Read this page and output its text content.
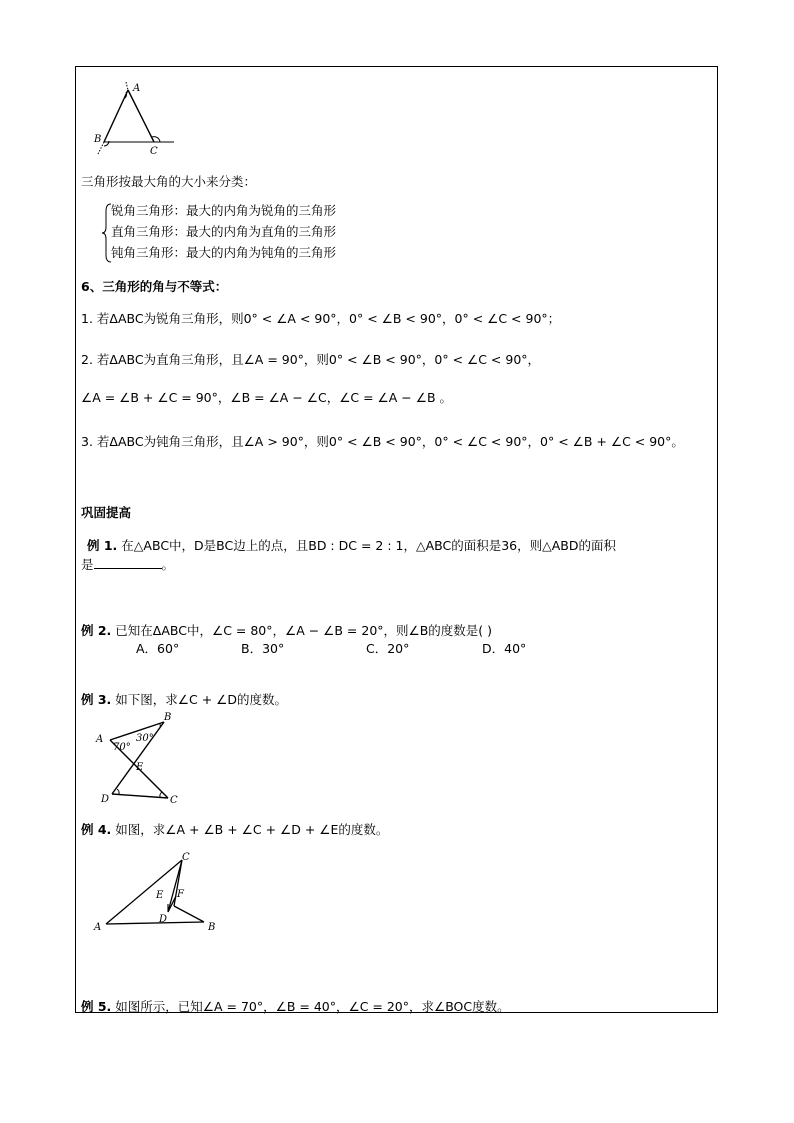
A
B
C
三角形按最大角的大小来分类：
锐角三角形：最大的内角为锐角的三角形
直角三角形：最大的内角为直角的三角形
钝角三角形：最大的内角为钝角的三角形
6、三角形的角与不等式：
1. 若ΔABC为锐角三角形，则0° < ∠A < 90°，0° < ∠B < 90°，0° < ∠C < 90°；
2. 若ΔABC为直角三角形，且∠A = 90°，则0° < ∠B < 90°，0° < ∠C < 90°，
∠A = ∠B + ∠C = 90°，∠B = ∠A − ∠C，∠C = ∠A − ∠B 。
3. 若ΔABC为钝角三角形，且∠A > 90°，则0° < ∠B < 90°，0° < ∠C < 90°，0° < ∠B + ∠C < 90°。
巩固提高
例 1. 在△ABC中，D是BC边上的点，且BD : DC = 2 : 1，△ABC的面积是36，则△ABD的面积
是	。
例 2. 已知在ΔABC中，∠C = 80°，∠A − ∠B = 20°，则∠B的度数是( )
A．60°	B．30°	C．20°	D．40°
例 3. 如下图，求∠C + ∠D的度数。
A
B
C
D
E
70°
30°
例 4. 如图，求∠A + ∠B + ∠C + ∠D + ∠E的度数。
A	B
C
D
E F
例 5. 如图所示，已知∠A = 70°，∠B = 40°，∠C = 20°，求∠BOC度数。
